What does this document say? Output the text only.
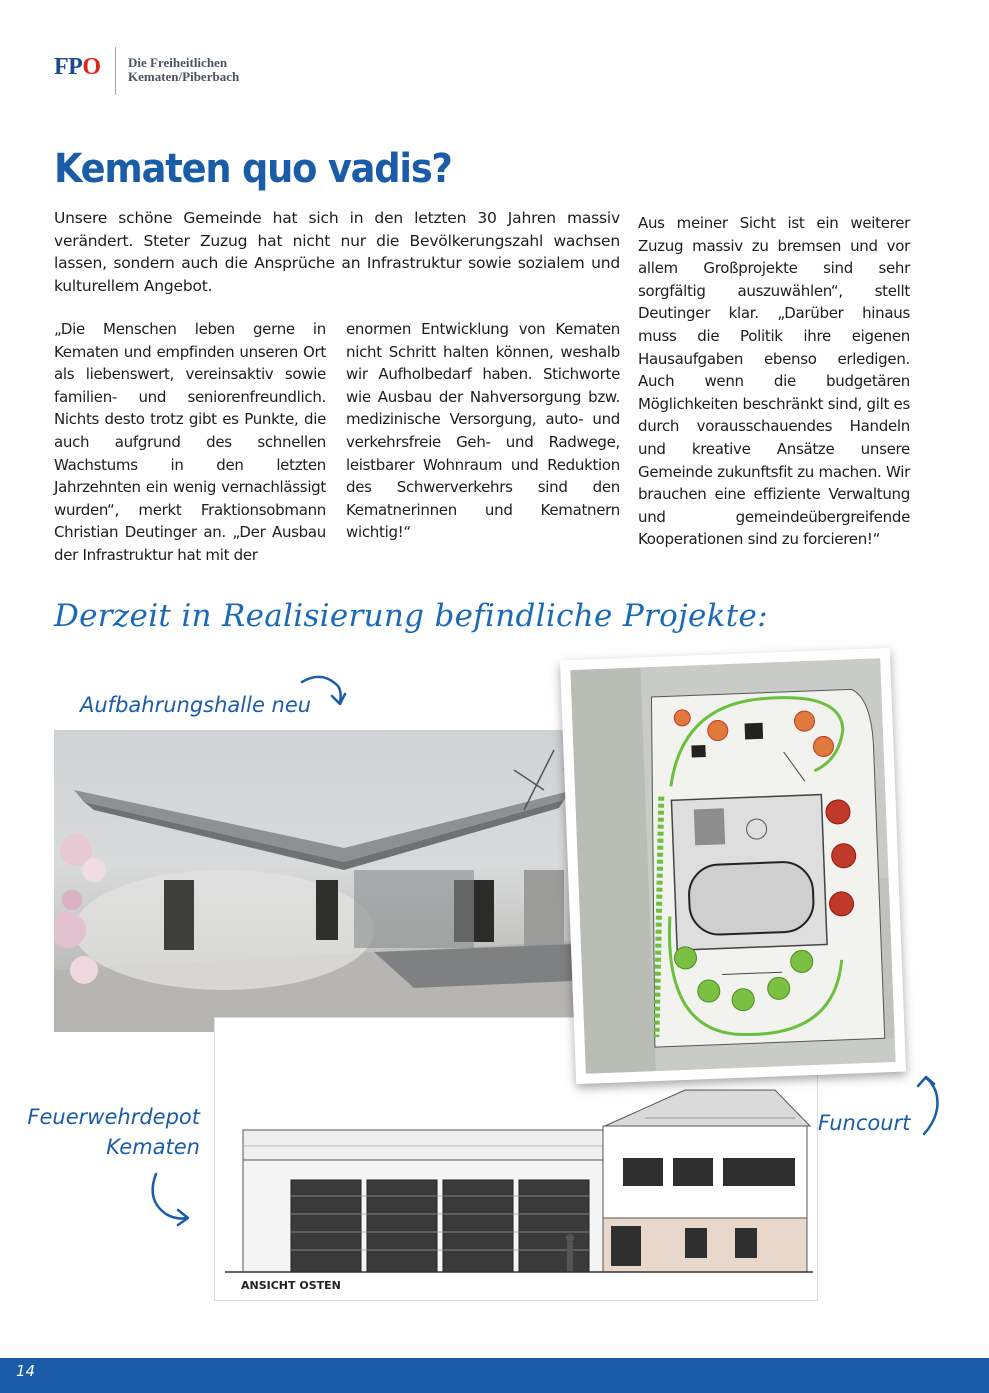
FPO Die Freiheitlichen
Kematen/Piberbach
Kematen quo vadis?
Unsere schöne Gemeinde hat sich in den letzten 30 Jahren massiv verändert. Steter Zuzug hat nicht nur die Bevölkerungszahl wachsen lassen, sondern auch die Ansprüche an Infrastruktur sowie sozialem und kulturellem Angebot.
„Die Menschen leben gerne in Kematen und empfinden unseren Ort als liebenswert, vereinsaktiv sowie familien- und seniorenfreundlich. Nichts desto trotz gibt es Punkte, die auch aufgrund des schnellen Wachstums in den letzten Jahrzehnten ein wenig vernachlässigt wurden“, merkt Fraktionsobmann Christian Deutinger an. „Der Ausbau der Infrastruktur hat mit der
enormen Entwicklung von Kematen nicht Schritt halten können, weshalb wir Aufholbedarf haben. Stichworte wie Ausbau der Nahversorgung bzw. medizinische Versorgung, auto- und verkehrsfreie Geh- und Radwege, leistbarer Wohnraum und Reduktion des Schwerverkehrs sind den Kematnerinnen und Kematnern wichtig!“
Aus meiner Sicht ist ein weiterer Zuzug massiv zu bremsen und vor allem Großprojekte sind sehr sorgfältig auszuwählen“, stellt Deutinger klar. „Darüber hinaus muss die Politik ihre eigenen Hausaufgaben ebenso erledigen. Auch wenn die budgetären Möglichkeiten beschränkt sind, gilt es durch vorausschauendes Handeln und kreative Ansätze unsere Gemeinde zukunftsfit zu machen. Wir brauchen eine effiziente Verwaltung und gemeindeübergreifende Kooperationen sind zu forcieren!“
Derzeit in Realisierung befindliche Projekte:
Aufbahrungshalle neu
ANSICHT OSTEN
Feuerwehrdepot
Kematen
Funcourt
14
